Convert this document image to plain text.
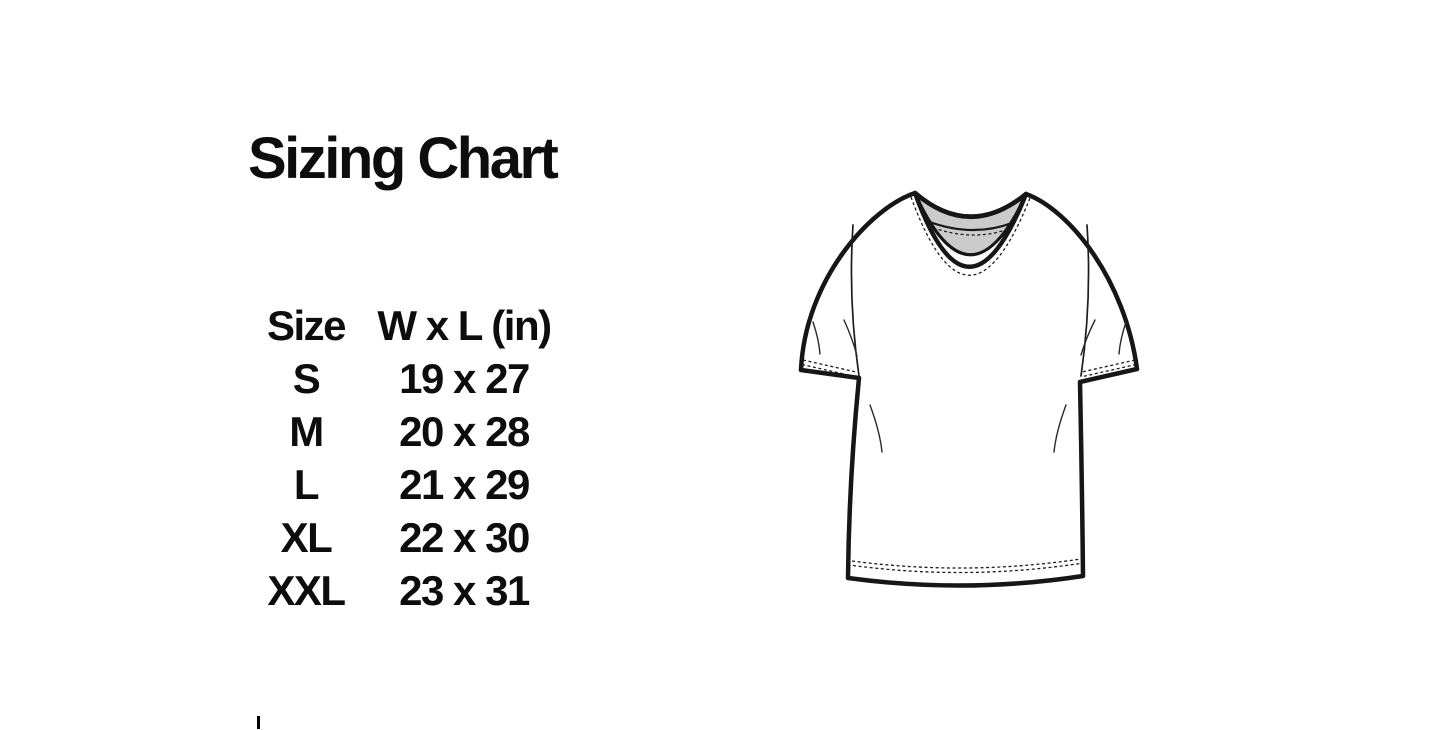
Sizing Chart
Size W x L (in)
S	19 x 27
M	20 x 28
L	21 x 29
XL	22 x 30
XXL	23 x 31
